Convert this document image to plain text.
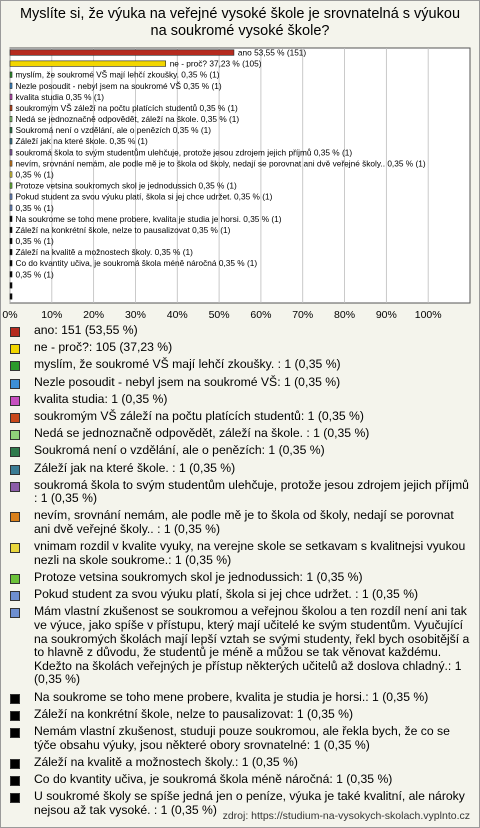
Myslíte si, že výuka na veřejné vysoké škole je srovnatelná s výukou na soukromé vysoké škole?
0% 10% 20% 30% 40% 50% 60% 70% 80% 90% 100%
ano 53,55 % (151)
ne - proč? 37,23 % (105)
myslím, že soukromé VŠ mají lehčí zkoušky. 0,35 % (1)
Nezle posoudit - nebyl jsem na soukromé VŠ 0,35 % (1)
kvalita studia 0,35 % (1)
soukromým VŠ záleží na počtu platících studentů 0,35 % (1)
Nedá se jednoznačně odpovědět, záleží na škole. 0,35 % (1)
Soukromá není o vzdělání, ale o penězích 0,35 % (1)
Záleží jak na které škole. 0,35 % (1)
soukromá škola to svým studentům ulehčuje, protože jesou zdrojem jejich příjmů 0,35 % (1)
nevím, srovnání nemám, ale podle mě je to škola od školy, nedají se porovnat ani dvě veřejné školy.. 0,35 % (1)
0,35 % (1)
Protoze vetsina soukromych skol je jednodussich 0,35 % (1)
Pokud student za svou výuku platí, škola si jej chce udržet. 0,35 % (1)
0,35 % (1)
Na soukrome se toho mene probere, kvalita je studia je horsi. 0,35 % (1)
Záleží na konkrétní škole, nelze to pausalizovat 0,35 % (1)
0,35 % (1)
Záleží na kvalitě a možnostech školy. 0,35 % (1)
Co do kvantity učiva, je soukromá škola méně náročná 0,35 % (1)
0,35 % (1)
ano: 151 (53,55 %)
ne - proč?: 105 (37,23 %)
myslím, že soukromé VŠ mají lehčí zkoušky. : 1 (0,35 %)
Nezle posoudit - nebyl jsem na soukromé VŠ: 1 (0,35 %)
kvalita studia: 1 (0,35 %)
soukromým VŠ záleží na počtu platících studentů: 1 (0,35 %)
Nedá se jednoznačně odpovědět, záleží na škole. : 1 (0,35 %)
Soukromá není o vzdělání, ale o penězích: 1 (0,35 %)
Záleží jak na které škole. : 1 (0,35 %)
soukromá škola to svým studentům ulehčuje, protože jesou zdrojem jejich příjmů : 1 (0,35 %)
nevím, srovnání nemám, ale podle mě je to škola od školy, nedají se porovnat ani dvě veřejné školy.. : 1 (0,35 %)
vnimam rozdil v kvalite vyuky, na verejne skole se setkavam s kvalitnejsi vyukou nezli na skole soukrome.: 1 (0,35 %)
Protoze vetsina soukromych skol je jednodussich: 1 (0,35 %)
Pokud student za svou výuku platí, škola si jej chce udržet. : 1 (0,35 %)
Mám vlastní zkušenost se soukromou a veřejnou školou a ten rozdíl není ani tak ve výuce, jako spíše v přístupu, který mají učitelé ke svým studentům. Vyučující na soukromých školách mají lepší vztah se svými studenty, řekl bych osobitější a to hlavně z důvodu, že studentů je méně a můžou se tak věnovat každému. Kdežto na školách veřejných je přístup některých učitelů až doslova chladný.: 1 (0,35 %)
Na soukrome se toho mene probere, kvalita je studia je horsi.: 1 (0,35 %)
Záleží na konkrétní škole, nelze to pausalizovat: 1 (0,35 %)
Nemám vlastní zkušenost, studuji pouze soukromou, ale řekla bych, že co se týče obsahu výuky, jsou některé obory srovnatelné: 1 (0,35 %)
Záleží na kvalitě a možnostech školy.: 1 (0,35 %)
Co do kvantity učiva, je soukromá škola méně náročná: 1 (0,35 %)
U soukromé školy se spíše jedná jen o peníze, výuka je také kvalitní, ale nároky nejsou až tak vysoké. : 1 (0,35 %) zdroj: https://studium-na-vysokych-skolach.vyplnto.cz
